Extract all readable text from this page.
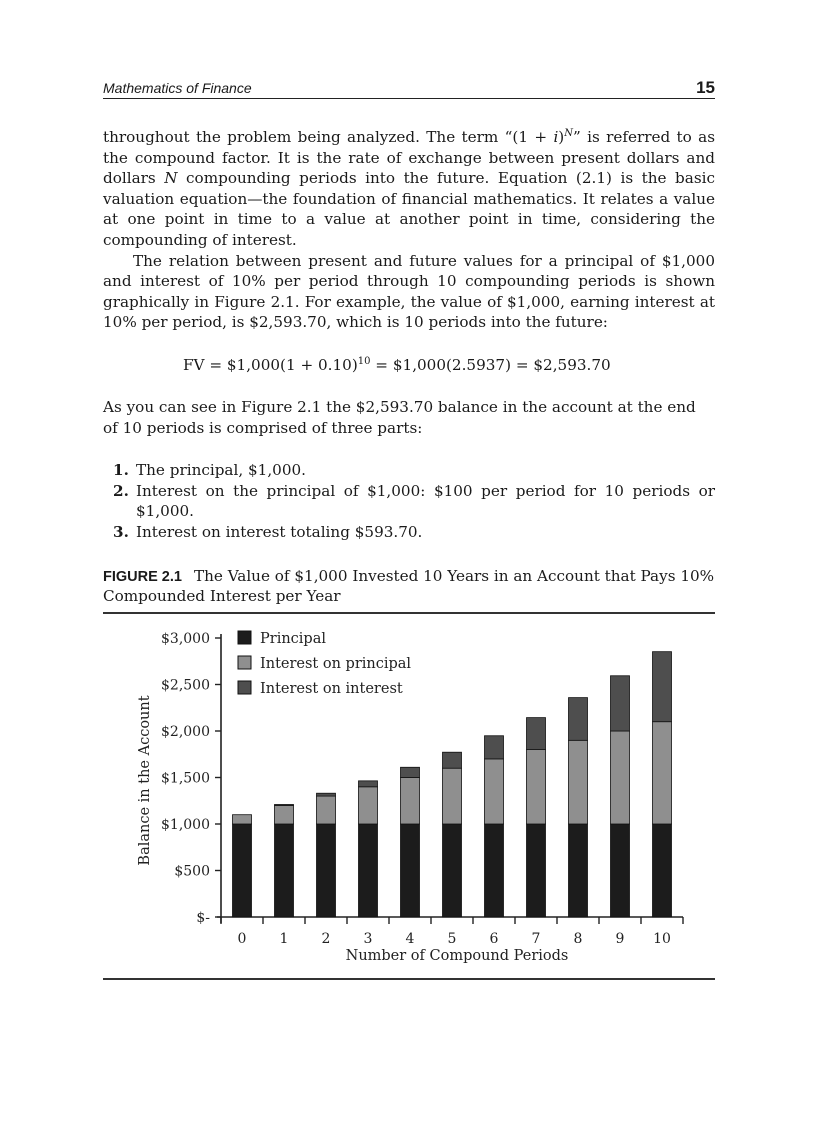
Mathematics of Finance	15

throughout the problem being analyzed. The term “$(1 + i)^N$” is referred to as the compound factor. It is the rate of exchange between present dollars and dollars N compounding periods into the future. Equation (2.1) is the basic valuation equation—the foundation of financial mathematics. It relates a value at one point in time to a value at another point in time, considering the compounding of interest.

The relation between present and future values for a principal of $1,000 and interest of 10% per period through 10 compounding periods is shown graphically in Figure 2.1. For example, the value of $1,000, earning interest at 10% per period, is $2,593.70, which is 10 periods into the future:

FV = $1,000(1 + 0.10)$^{10}$ = $1,000(2.5937) = $2,593.70
As you can see in Figure 2.1 the $2,593.70 balance in the account at the end of 10 periods is comprised of three parts:
1. The principal, $1,000.
2. Interest on the principal of $1,000: $100 per period for 10 periods or $1,000.
3. Interest on interest totaling $593.70.
FIGURE 2.1 The Value of $1,000 Invested 10 Years in an Account that Pays 10% Compounded Interest per Year
$-
$500
$1,000
$1,500
$2,000
$2,500
$3,000
0 1 2 3 4 5 6 7 8 9 10
Number of Compound Periods
Balance in the Account
Principal
Interest on principal
Interest on interest
